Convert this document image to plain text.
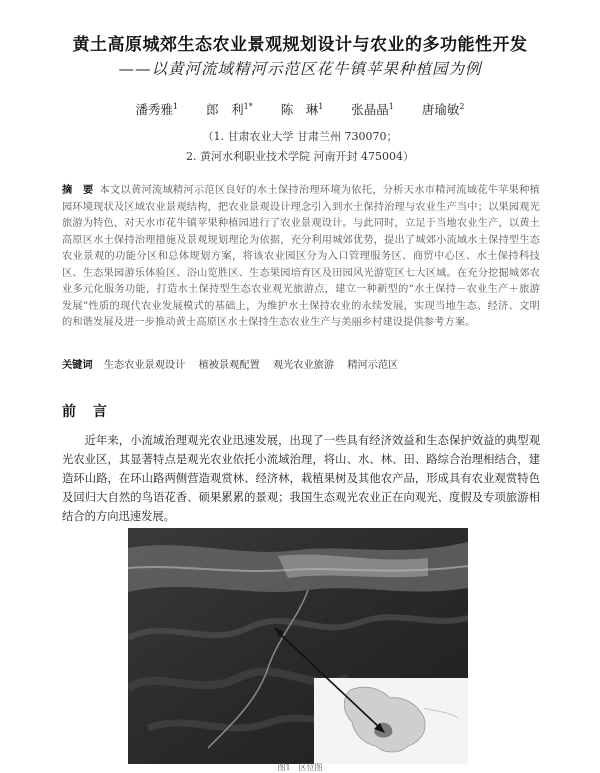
黄土高原城郊生态农业景观规划设计与农业的多功能性开发
——以黄河流域精河示范区花牛镇苹果种植园为例
潘秀雅$^1$ 郎　利$^{1*}$ 陈　琳$^1$ 张晶晶$^1$ 唐瑜敏$^2$
（1. 甘肃农业大学 甘肃兰州 730070；
2. 黄河水利职业技术学院 河南开封 475004）
摘　要 本文以黄河流域精河示范区良好的水土保持治理环境为依托，分析天水市精河流域花牛苹果种植园环境现状及区域农业景观结构，把农业景观设计理念引入到水土保持治理与农业生产当中；以果园观光旅游为特色，对天水市花牛镇苹果种植园进行了农业景观设计。与此同时，立足于当地农业生产，以黄土高原区水土保持治理措施及景观规划理论为依据，充分利用城郊优势，提出了城郊小流域水土保持型生态农业景观的功能分区和总体规划方案，将该农业园区分为入口管理服务区、商贸中心区、水土保持科技区、生态果园游乐体验区、浴山览胜区、生态果园培育区及田园风光游览区七大区域。在充分挖掘城郊农业多元化服务功能，打造水土保持型生态农业观光旅游点，建立一种新型的“水土保持－农业生产＋旅游发展”性质的现代农业发展模式的基础上，为维护水土保持农业的永续发展，实现当地生态、经济、文明的和谐发展及进一步推动黄土高原区水土保持生态农业生产与美丽乡村建设提供参考方案。
关键词 生态农业景观设计 植被景观配置 观光农业旅游 精河示范区
前 言
近年来，小流域治理观光农业迅速发展，出现了一些具有经济效益和生态保护效益的典型观光农业区，其显著特点是观光农业依托小流域治理，将山、水、林、田、路综合治理相结合，建造环山路，在环山路两侧营造观赏林、经济林，栽植果树及其他农产品，形成具有农业观赏特色及回归大自然的鸟语花香、硕果累累的景观；我国生态观光农业正在向观光、度假及专项旅游相结合的方向迅速发展。
图1　区位图
